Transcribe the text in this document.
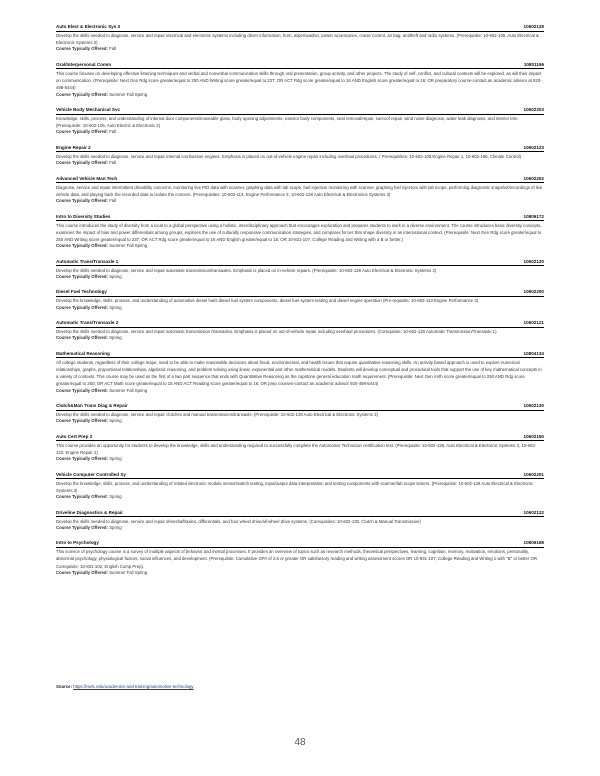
Auto Elect & Electronic Sys 3	10602128
Develop the skills needed to diagnose, service and repair electrical and electronic systems including driver information, horn, wiper/washer, power accessories, cruise control, air bag, antitheft and radio systems. (Prerequisite: 10-602-105, Auto Electrical & Electronic Systems 2)
Course Typically Offered: Fall
Oral/Interpersonal Comm	10801196
This course focuses on developing effective listening techniques and verbal and nonverbal communication skills through oral presentation, group activity, and other projects. The study of self, conflict, and cultural contexts will be explored, as will their impact on communication. (Prerequisite: Next Gen Rdg score greater/equal to 250 AND Writing score greater/equal to 237; OR ACT Rdg score greater/equal to 16 AND English score greater/equal to 16; OR preparatory course-contact an academic advisor at 920-498-5444)
Course Typically Offered: Summer Fall Spring
Vehicle Body Mechanical Svc	10602203
Knowledge, skills, process, and understanding of internal door components/moveable glass, body opening adjustments, exterior body components, seat removal/repair, sunroof repair, wind noise diagnosis, water leak diagnosis, and interior trim. (Prerequisite: 10-602-105, Auto Electric & Electronic 2)
Course Typically Offered: Fall
Engine Repair 2	10602123
Develop the skills needed to diagnose, service and repair internal combustion engines. Emphasis is placed on out-of-vehicle engine repair including overhaul procedures. ( Prerequisites: 10-602-105 Engine Repair 1, 10-602-196, Climate Control)
Course Typically Offered: Fall
Advanced Vehicle Man Tech	10602202
Diagnose, service and repair intermittent drivability concerns, monitoring live PID data with scanner, graphing data with lab scope, fuel injection monitoring with scanner, graphing fuel injectors with lab scope, performing diagnostic snapshot/recordings of live vehicle data, and playing back the recorded data to isolate the concern. (Prerequisites: 10-602-113, Engine Performance 3, 10-602-128 Auto Electrical & Electronics Systems 3)
Course Typically Offered: Fall
Intro to Diversity Studies	10809172
This course introduces the study of diversity from a local to a global perspective using a holistic, interdisciplinary approach that encourages exploration and prepares students to work in a diverse environment. The course introduces basic diversity concepts, examines the impact of bias and power differentials among groups, explores the use of culturally responsive communication strategies, and compares forces that shape diversity in an international context. (Prerequisite: Next Gen Rdg score greater/equal to 250 AND Writing score greater/equal to 237; OR ACT Rdg score greater/equal to 16 AND English greater/equal to 15; OR 10-831-107, College Reading and Writing with a B or better.)
Course Typically Offered: Summer Fall Spring
Automatic Trans/Transaxle 1	10602120
Develop the skills needed to diagnose, service and repair automatic transmission/transaxles. Emphasis is placed on in-vehicle repairs. (Prerequisite: 10-602-128 Auto Electrical & Electronic Systems 3)
Course Typically Offered: Spring
Diesel Fuel Technology	10602200
Develop the knowledge, skills, process, and understanding of automotive diesel fuels diesel fuel system components, diesel fuel system testing and diesel engine operation (Pre-requisite: 10-602-113 Engine Performance 3)
Course Typically Offered: Spring
Automatic Trans/Transaxle 2	10602121
Develop the skills needed to diagnose, service and repair automatic transmission /transaxles. Emphasis is placed on out-of-vehicle repair including overhaul procedures. (Corequisite: 10-602-120 Automatic Transmission/Transaxle 1)
Course Typically Offered: Spring
Mathematical Reasoning	10804134
All college students, regardless of their college major, need to be able to make reasonable decisions about fiscal, environmental, and health issues that require quantitative reasoning skills. An activity based approach is used to explore numerical relationships, graphs, proportional relationships, algebraic reasoning, and problem solving using linear, exponential and other mathematical models. Students will develop conceptual and procedural tools that support the use of key mathematical concepts in a variety of contexts. This course may be used as the first of a two part sequence that ends with Quantitative Reasoning as the capstone general education math requirement. (Prerequisite: Next Gen Arith score greater/equal to 250 AND Rdg score greater/equal to 250; OR ACT Math score greater/equal to 15 AND ACT Reading score greater/equal to 16; OR prep courses-contact an academic advisor 920-498-5444)
Course Typically Offered: Summer Fall Spring
Clutch&Man Trans Diag & Repair	10602130
Develop the skills needed to diagnose, service and repair clutches and manual transmissions/transaxle. (Prerequisite: 10-602-128 Auto Electrical & Electronic Systems 3)
Course Typically Offered: Spring
Auto Cert Prep 2	10602150
This course provides an opportunity for students to develop the knowledge, skills and understanding required to successfully complete the Automotive Technician certification test. (Prerequisite: 10-602-128, Auto Electrical & Electronic Systems 3, 10-602-123, Engine Repair 2)
Course Typically Offered: Spring
Vehicle Computer Controlled Sy	10602201
Develop the knowledge, skills, process, and understanding of related electronic module sensor/switch testing, input/output data interpretation and testing components with scanner/lab scope testers. (Prerequisite: 10-602-128 Auto Electrical & Electronic Systems 3)
Course Typically Offered: Spring
Driveline Diagnostics & Repair	10602122
Develop the skills needed to diagnose, service and repair driveshaft/axles, differentials, and four wheel drive/all-wheel drive systems. (Corequisites: 10-602-130, Clutch & Manual Transmission)
Course Typically Offered: Spring
Intro to Psychology	10809198
This science of psychology course is a survey of multiple aspects of behavior and mental processes. It provides an overview of topics such as research methods, theoretical perspectives, learning, cognition, memory, motivation, emotions, personality, abnormal psychology, physiological factors, social influences, and development. (Prerequisite: Cumulative GPA of 2.6 or greater OR satisfactory reading and writing assessment scores OR 10-831-107, College Reading and Writing 1 with "B" or better OR Corequisite: 10-831-102, English Comp Prep).
Course Typically Offered: Summer Fall Spring
Source: https://nwtc.edu/academics-and-training/automotive-technology
48
